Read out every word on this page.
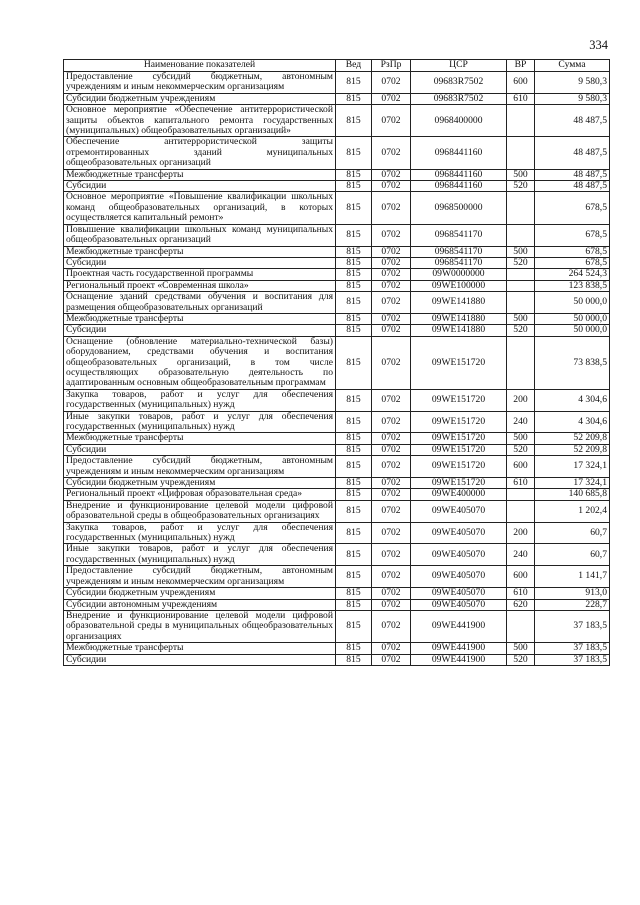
334
Наименование показателей	Вед	РзПр	ЦСР	ВР	Сумма
Предоставление субсидий бюджетным, автономным учреждениям и иным некоммерческим организациям	815	0702	09683R7502	600	9 580,3
Субсидии бюджетным учреждениям	815	0702	09683R7502	610	9 580,3
Основное мероприятие «Обеспечение антитеррористической защиты объектов капитального ремонта государственных (муниципальных) общеобразовательных организаций»	815	0702	0968400000		48 487,5
Обеспечение антитеррористической защиты отремонтированных зданий муниципальных общеобразовательных организаций	815	0702	0968441160		48 487,5
Межбюджетные трансферты	815	0702	0968441160	500	48 487,5
Субсидии	815	0702	0968441160	520	48 487,5
Основное мероприятие «Повышение квалификации школьных команд общеобразовательных организаций, в которых осуществляется капитальный ремонт»	815	0702	0968500000		678,5
Повышение квалификации школьных команд муниципальных общеобразовательных организаций	815	0702	0968541170		678,5
Межбюджетные трансферты	815	0702	0968541170	500	678,5
Субсидии	815	0702	0968541170	520	678,5
Проектная часть государственной программы	815	0702	09W0000000		264 524,3
Региональный проект «Современная школа»	815	0702	09WE100000		123 838,5
Оснащение зданий средствами обучения и воспитания для размещения общеобразовательных организаций	815	0702	09WE141880		50 000,0
Межбюджетные трансферты	815	0702	09WE141880	500	50 000,0
Субсидии	815	0702	09WE141880	520	50 000,0
Оснащение (обновление материально-технической базы) оборудованием, средствами обучения и воспитания общеобразовательных организаций, в том числе осуществляющих образовательную деятельность по адаптированным основным общеобразовательным программам	815	0702	09WE151720		73 838,5
Закупка товаров, работ и услуг для обеспечения государственных (муниципальных) нужд	815	0702	09WE151720	200	4 304,6
Иные закупки товаров, работ и услуг для обеспечения государственных (муниципальных) нужд	815	0702	09WE151720	240	4 304,6
Межбюджетные трансферты	815	0702	09WE151720	500	52 209,8
Субсидии	815	0702	09WE151720	520	52 209,8
Предоставление субсидий бюджетным, автономным учреждениям и иным некоммерческим организациям	815	0702	09WE151720	600	17 324,1
Субсидии бюджетным учреждениям	815	0702	09WE151720	610	17 324,1
Региональный проект «Цифровая образовательная среда»	815	0702	09WE400000		140 685,8
Внедрение и функционирование целевой модели цифровой образовательной среды в общеобразовательных организациях	815	0702	09WE405070		1 202,4
Закупка товаров, работ и услуг для обеспечения государственных (муниципальных) нужд	815	0702	09WE405070	200	60,7
Иные закупки товаров, работ и услуг для обеспечения государственных (муниципальных) нужд	815	0702	09WE405070	240	60,7
Предоставление субсидий бюджетным, автономным учреждениям и иным некоммерческим организациям	815	0702	09WE405070	600	1 141,7
Субсидии бюджетным учреждениям	815	0702	09WE405070	610	913,0
Субсидии автономным учреждениям	815	0702	09WE405070	620	228,7
Внедрение и функционирование целевой модели цифровой образовательной среды в муниципальных общеобразовательных организациях	815	0702	09WE441900		37 183,5
Межбюджетные трансферты	815	0702	09WE441900	500	37 183,5
Субсидии	815	0702	09WE441900	520	37 183,5
